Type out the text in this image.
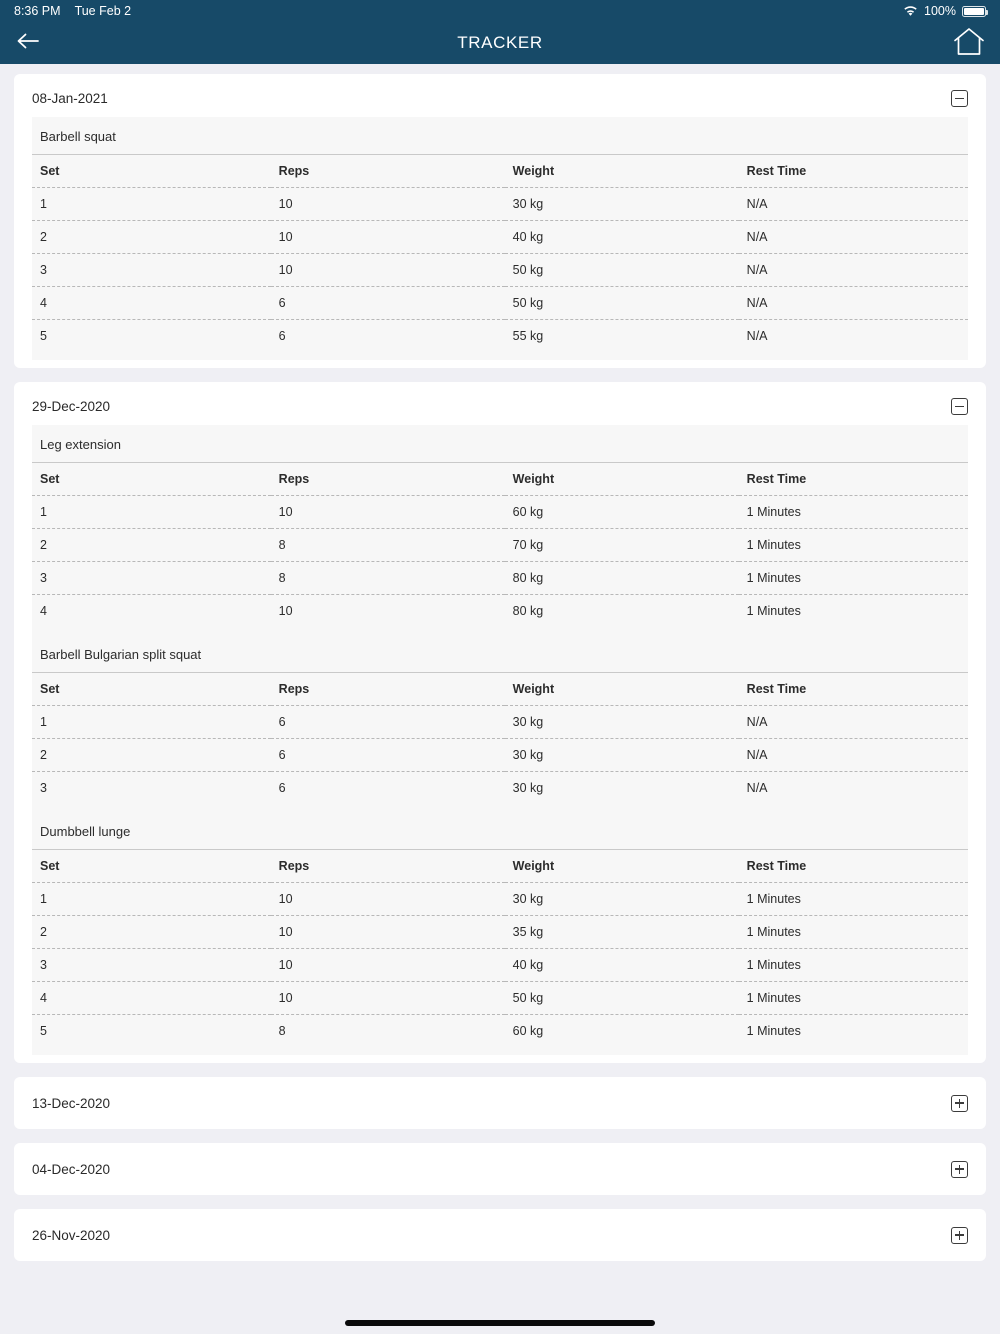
8:36 PM Tue Feb 2	100%
TRACKER
08-Jan-2021
Barbell squat
Set	Reps	Weight	Rest Time
1	10	30 kg	N/A
2	10	40 kg	N/A
3	10	50 kg	N/A
4	6	50 kg	N/A
5	6	55 kg	N/A
29-Dec-2020
Leg extension
Set	Reps	Weight	Rest Time
1	10	60 kg	1 Minutes
2	8	70 kg	1 Minutes
3	8	80 kg	1 Minutes
4	10	80 kg	1 Minutes
Barbell Bulgarian split squat
Set	Reps	Weight	Rest Time
1	6	30 kg	N/A
2	6	30 kg	N/A
3	6	30 kg	N/A
Dumbbell lunge
Set	Reps	Weight	Rest Time
1	10	30 kg	1 Minutes
2	10	35 kg	1 Minutes
3	10	40 kg	1 Minutes
4	10	50 kg	1 Minutes
5	8	60 kg	1 Minutes
13-Dec-2020
04-Dec-2020
26-Nov-2020
